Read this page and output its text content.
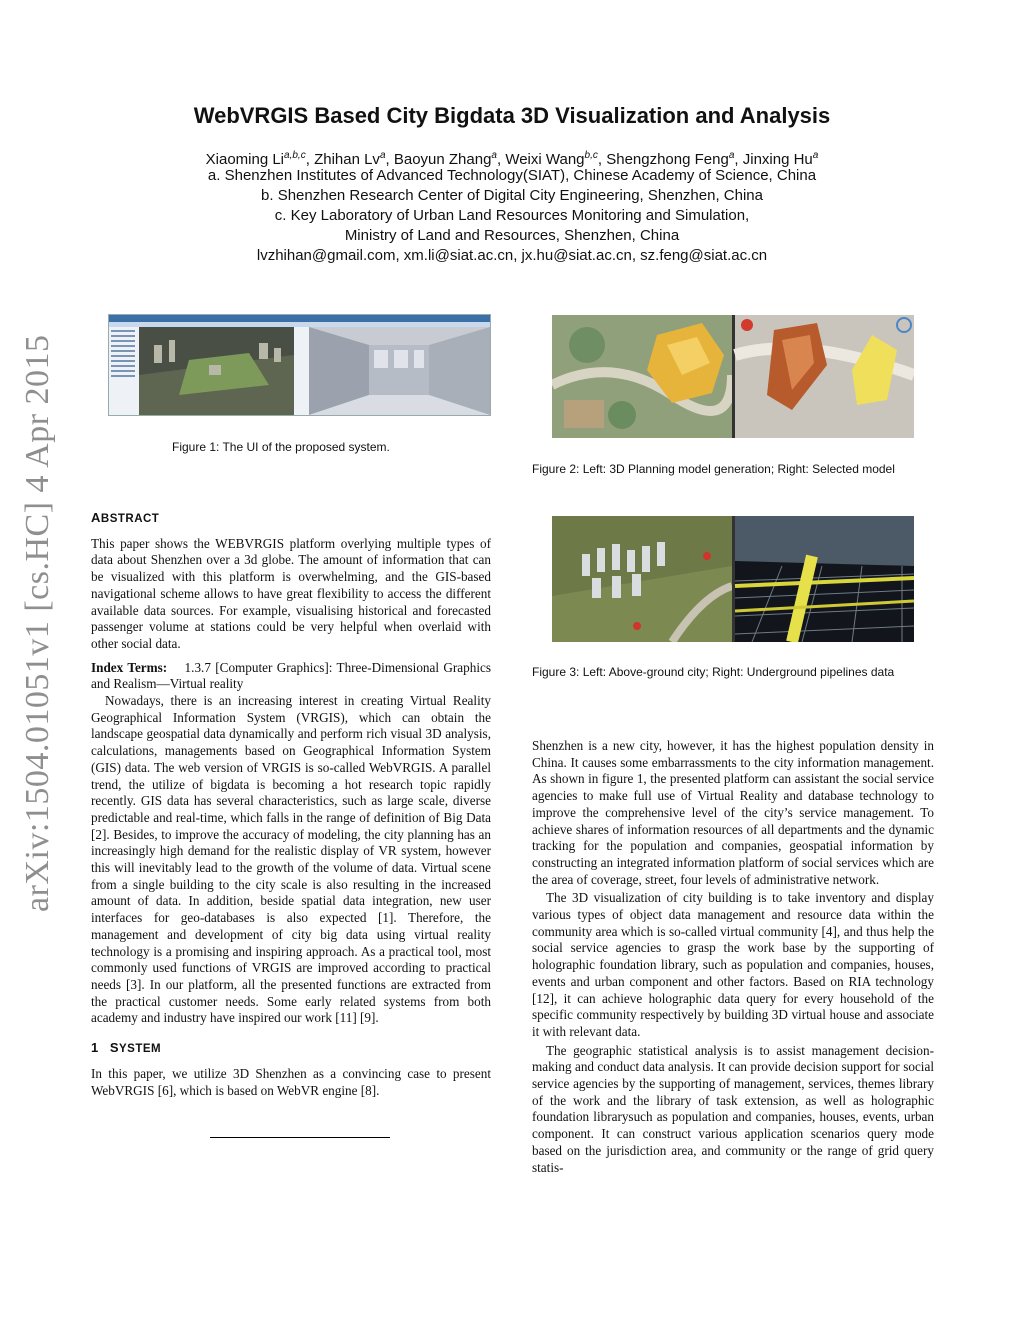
WebVRGIS Based City Bigdata 3D Visualization and Analysis
Xiaoming Li$^{a,b,c}$, Zhihan Lv$^a$, Baoyun Zhang$^a$, Weixi Wang$^{b,c}$, Shengzhong Feng$^a$, Jinxing Hu$^a$
a. Shenzhen Institutes of Advanced Technology(SIAT), Chinese Academy of Science, China
b. Shenzhen Research Center of Digital City Engineering, Shenzhen, China
c. Key Laboratory of Urban Land Resources Monitoring and Simulation,
Ministry of Land and Resources, Shenzhen, China
lvzhihan@gmail.com, xm.li@siat.ac.cn, jx.hu@siat.ac.cn, sz.feng@siat.ac.cn
arXiv:1504.01051v1 [cs.HC] 4 Apr 2015	Figure 1: The UI of the proposed system.
Figure 2: Left: 3D Planning model generation; Right: Selected model
Figure 3: Left: Above-ground city; Right: Underground pipelines data
ABSTRACT

This paper shows the WEBVRGIS platform overlying multiple types of data about Shenzhen over a 3d globe. The amount of information that can be visualized with this platform is overwhelming, and the GIS-based navigational scheme allows to have great flexibility to access the different available data sources. For example, visualising historical and forecasted passenger volume at stations could be very helpful when overlaid with other social data.

Index Terms: 1.3.7 [Computer Graphics]: Three-Dimensional Graphics and Realism—Virtual reality

Nowadays, there is an increasing interest in creating Virtual Reality Geographical Information System (VRGIS), which can obtain the landscape geospatial data dynamically and perform rich visual 3D analysis, calculations, managements based on Geographical Information System (GIS) data. The web version of VRGIS is so-called WebVRGIS. A parallel trend, the utilize of bigdata is becoming a hot research topic rapidly recently. GIS data has several characteristics, such as large scale, diverse predictable and real-time, which falls in the range of definition of Big Data [2]. Besides, to improve the accuracy of modeling, the city planning has an increasingly high demand for the realistic display of VR system, however this will inevitably lead to the growth of the volume of data. Virtual scene from a single building to the city scale is also resulting in the increased amount of data. In addition, beside spatial data integration, new user interfaces for geo-databases is also expected [1]. Therefore, the management and development of city big data using virtual reality technology is a promising and inspiring approach. As a practical tool, most commonly used functions of VRGIS are improved according to practical needs [3]. In our platform, all the presented functions are extracted from the practical customer needs. Some early related systems from both academy and industry have inspired our work [11] [9].

1 SYSTEM

In this paper, we utilize 3D Shenzhen as a convincing case to present WebVRGIS [6], which is based on WebVR engine [8].

Shenzhen is a new city, however, it has the highest population density in China. It causes some embarrassments to the city information management. As shown in figure 1, the presented platform can assistant the social service agencies to make full use of Virtual Reality and database technology to improve the comprehensive level of the city’s service management. To achieve shares of information resources of all departments and the dynamic tracking for the population and companies, geospatial information by constructing an integrated information platform of social services which are the area of coverage, street, four levels of administrative network.

The 3D visualization of city building is to take inventory and display various types of object data management and resource data within the community area which is so-called virtual community [4], and thus help the social service agencies to grasp the work base by the supporting of holographic foundation library, such as population and companies, houses, events and urban component and other factors. Based on RIA technology [12], it can achieve holographic data query for every household of the specific community respectively by building 3D virtual house and associate it with relevant data.

The geographic statistical analysis is to assist management decision-making and conduct data analysis. It can provide decision support for social service agencies by the supporting of management, services, themes library of the work and the library of task extension, as well as holographic foundation librarysuch as population and companies, houses, events, urban component. It can construct various application scenarios query mode based on the jurisdiction area, and community or the range of grid query statis-
